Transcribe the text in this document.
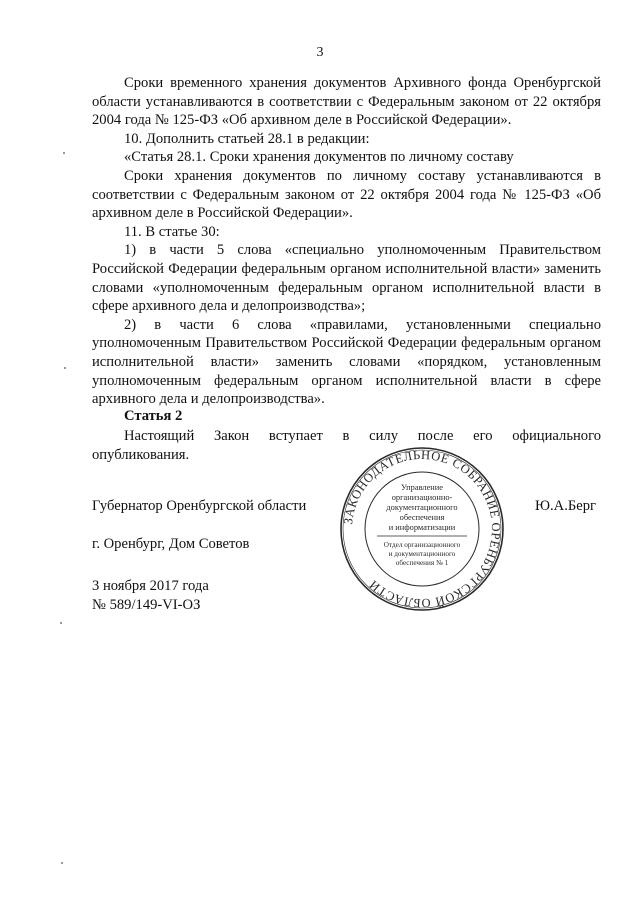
3

Сроки временного хранения документов Архивного фонда Оренбургской области устанавливаются в соответствии с Федеральным законом от 22 октября 2004 года № 125-ФЗ «Об архивном деле в Российской Федерации».

10. Дополнить статьей 28.1 в редакции:

«Статья 28.1. Сроки хранения документов по личному составу

Сроки хранения документов по личному составу устанавливаются в соответствии с Федеральным законом от 22 октября 2004 года № 125-ФЗ «Об архивном деле в Российской Федерации».

11. В статье 30:

1) в части 5 слова «специально уполномоченным Правительством Российской Федерации федеральным органом исполнительной власти» заменить словами «уполномоченным федеральным органом исполнительной власти в сфере архивного дела и делопроизводства»;

2) в части 6 слова «правилами, установленными специально уполномоченным Правительством Российской Федерации федеральным органом исполнительной власти» заменить словами «порядком, установленным уполномоченным федеральным органом исполнительной власти в сфере архивного дела и делопроизводства».

Статья 2

Настоящий Закон вступает в силу после его официального

опубликования.

Губернатор Оренбургской области	Ю.А.Берг
г. Оренбург, Дом Советов
3 ноября 2017 года
№ 589/149-VI-ОЗ
ЗАКОНОДАТЕЛЬНОЕ СОБРАНИЕ ОРЕНБУРГСКОЙ ОБЛАСТИ
Управление
организационно-
документационного
обеспечения
и информатизации
Отдел организационного
и документационного
обеспечения № 1
